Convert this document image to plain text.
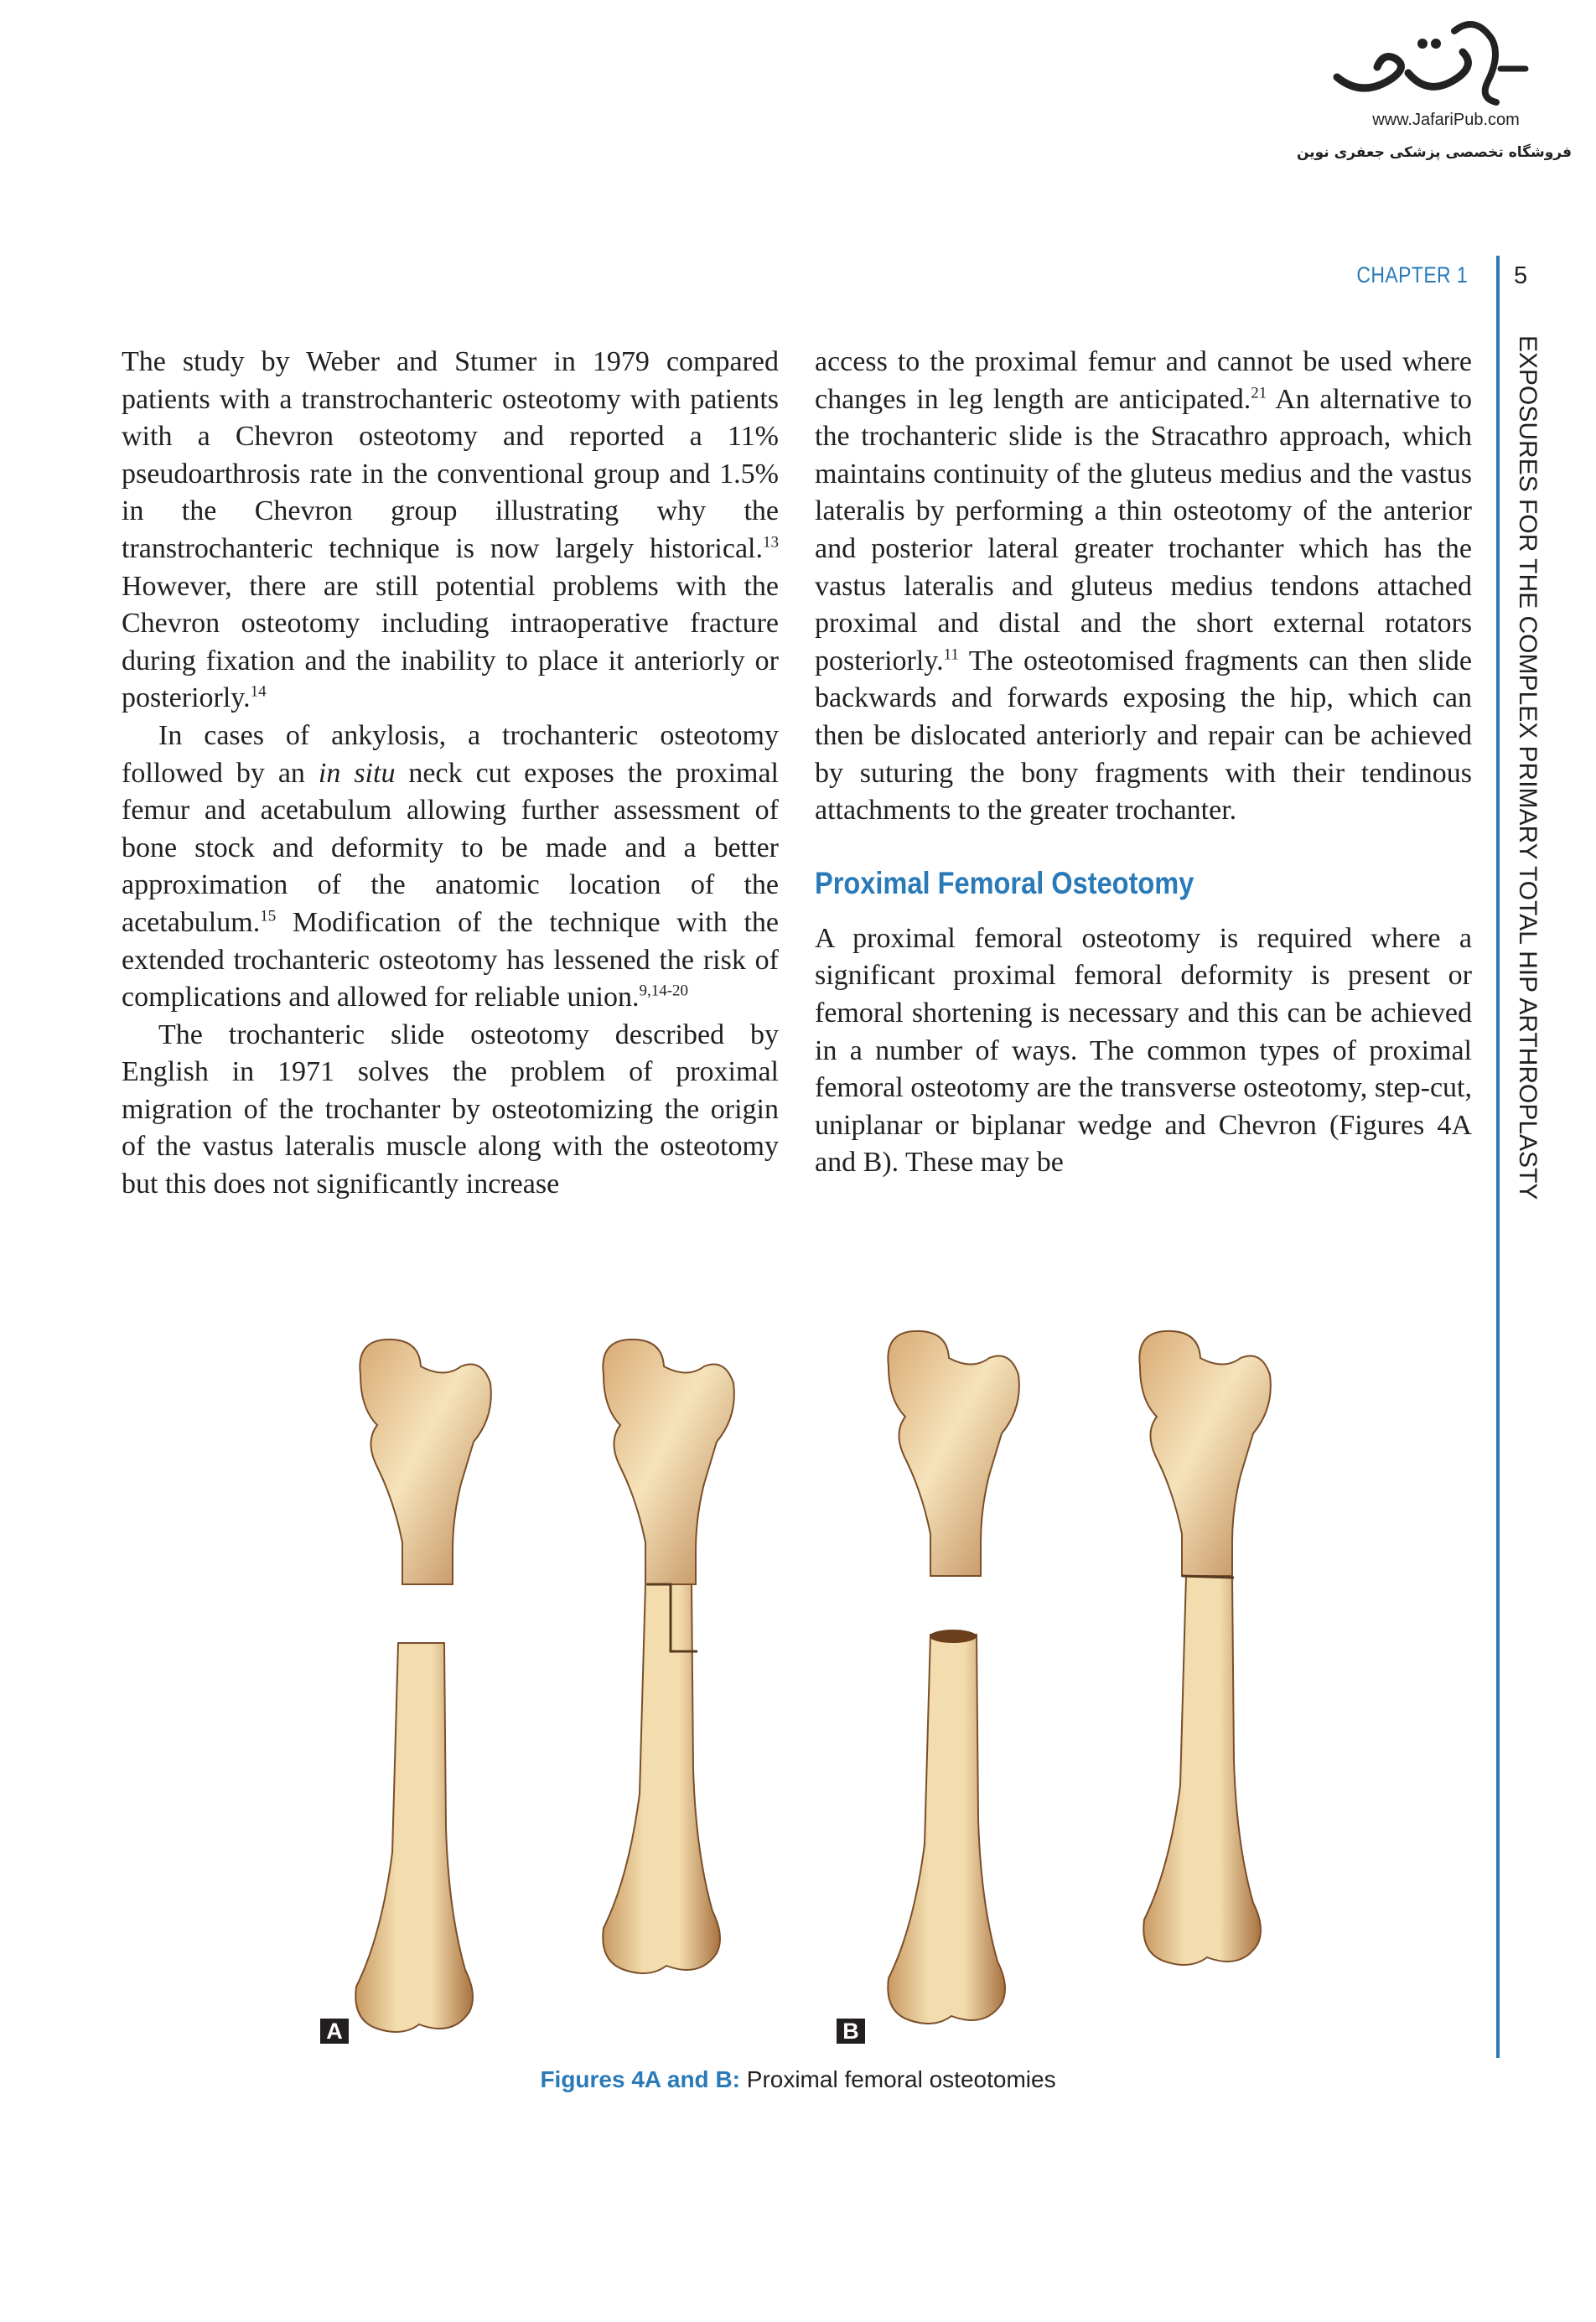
www.JafariPub.com
فروشگاه تخصصی پزشکی جعفری نوین
CHAPTER 1 5
EXPOSURES FOR THE COMPLEX PRIMARY TOTAL HIP ARTHROPLASTY

The study by Weber and Stumer in 1979 compared patients with a transtrochanteric osteotomy with patients with a Chevron osteotomy and reported a 11% pseudoarthrosis rate in the conventional group and 1.5% in the Chevron group illustrating why the transtrochanteric technique is now largely historical.$^{13}$ However, there are still potential problems with the Chevron osteotomy including intraoperative fracture during fixation and the inability to place it anteriorly or posteriorly.$^{14}$

In cases of ankylosis, a trochanteric osteotomy followed by an in situ neck cut exposes the proximal femur and acetabulum allowing further assessment of bone stock and deformity to be made and a better approximation of the anatomic location of the acetabulum.$^{15}$ Modification of the technique with the extended trochanteric osteotomy has lessened the risk of complications and allowed for reliable union.$^{9,14-20}$

The trochanteric slide osteotomy described by English in 1971 solves the problem of proximal migration of the trochanter by osteotomizing the origin of the vastus lateralis muscle along with the osteotomy but this does not significantly increase

access to the proximal femur and cannot be used where changes in leg length are anticipated.$^{21}$ An alternative to the trochanteric slide is the Stracathro approach, which maintains continuity of the gluteus medius and the vastus lateralis by performing a thin osteotomy of the anterior and posterior lateral greater trochanter which has the vastus lateralis and gluteus medius tendons attached proximal and distal and the short external rotators posteriorly.$^{11}$ The osteotomised fragments can then slide backwards and forwards exposing the hip, which can then be dislocated anteriorly and repair can be achieved by suturing the bony fragments with their tendinous attachments to the greater trochanter.

Proximal Femoral Osteotomy

A proximal femoral osteotomy is required where a significant proximal femoral deformity is present or femoral shortening is necessary and this can be achieved in a number of ways. The common types of proximal femoral osteotomy are the transverse osteotomy, step-cut, uniplanar or biplanar wedge and Chevron (Figures 4A and B). These may be

A	B
Figures 4A and B: Proximal femoral osteotomies
